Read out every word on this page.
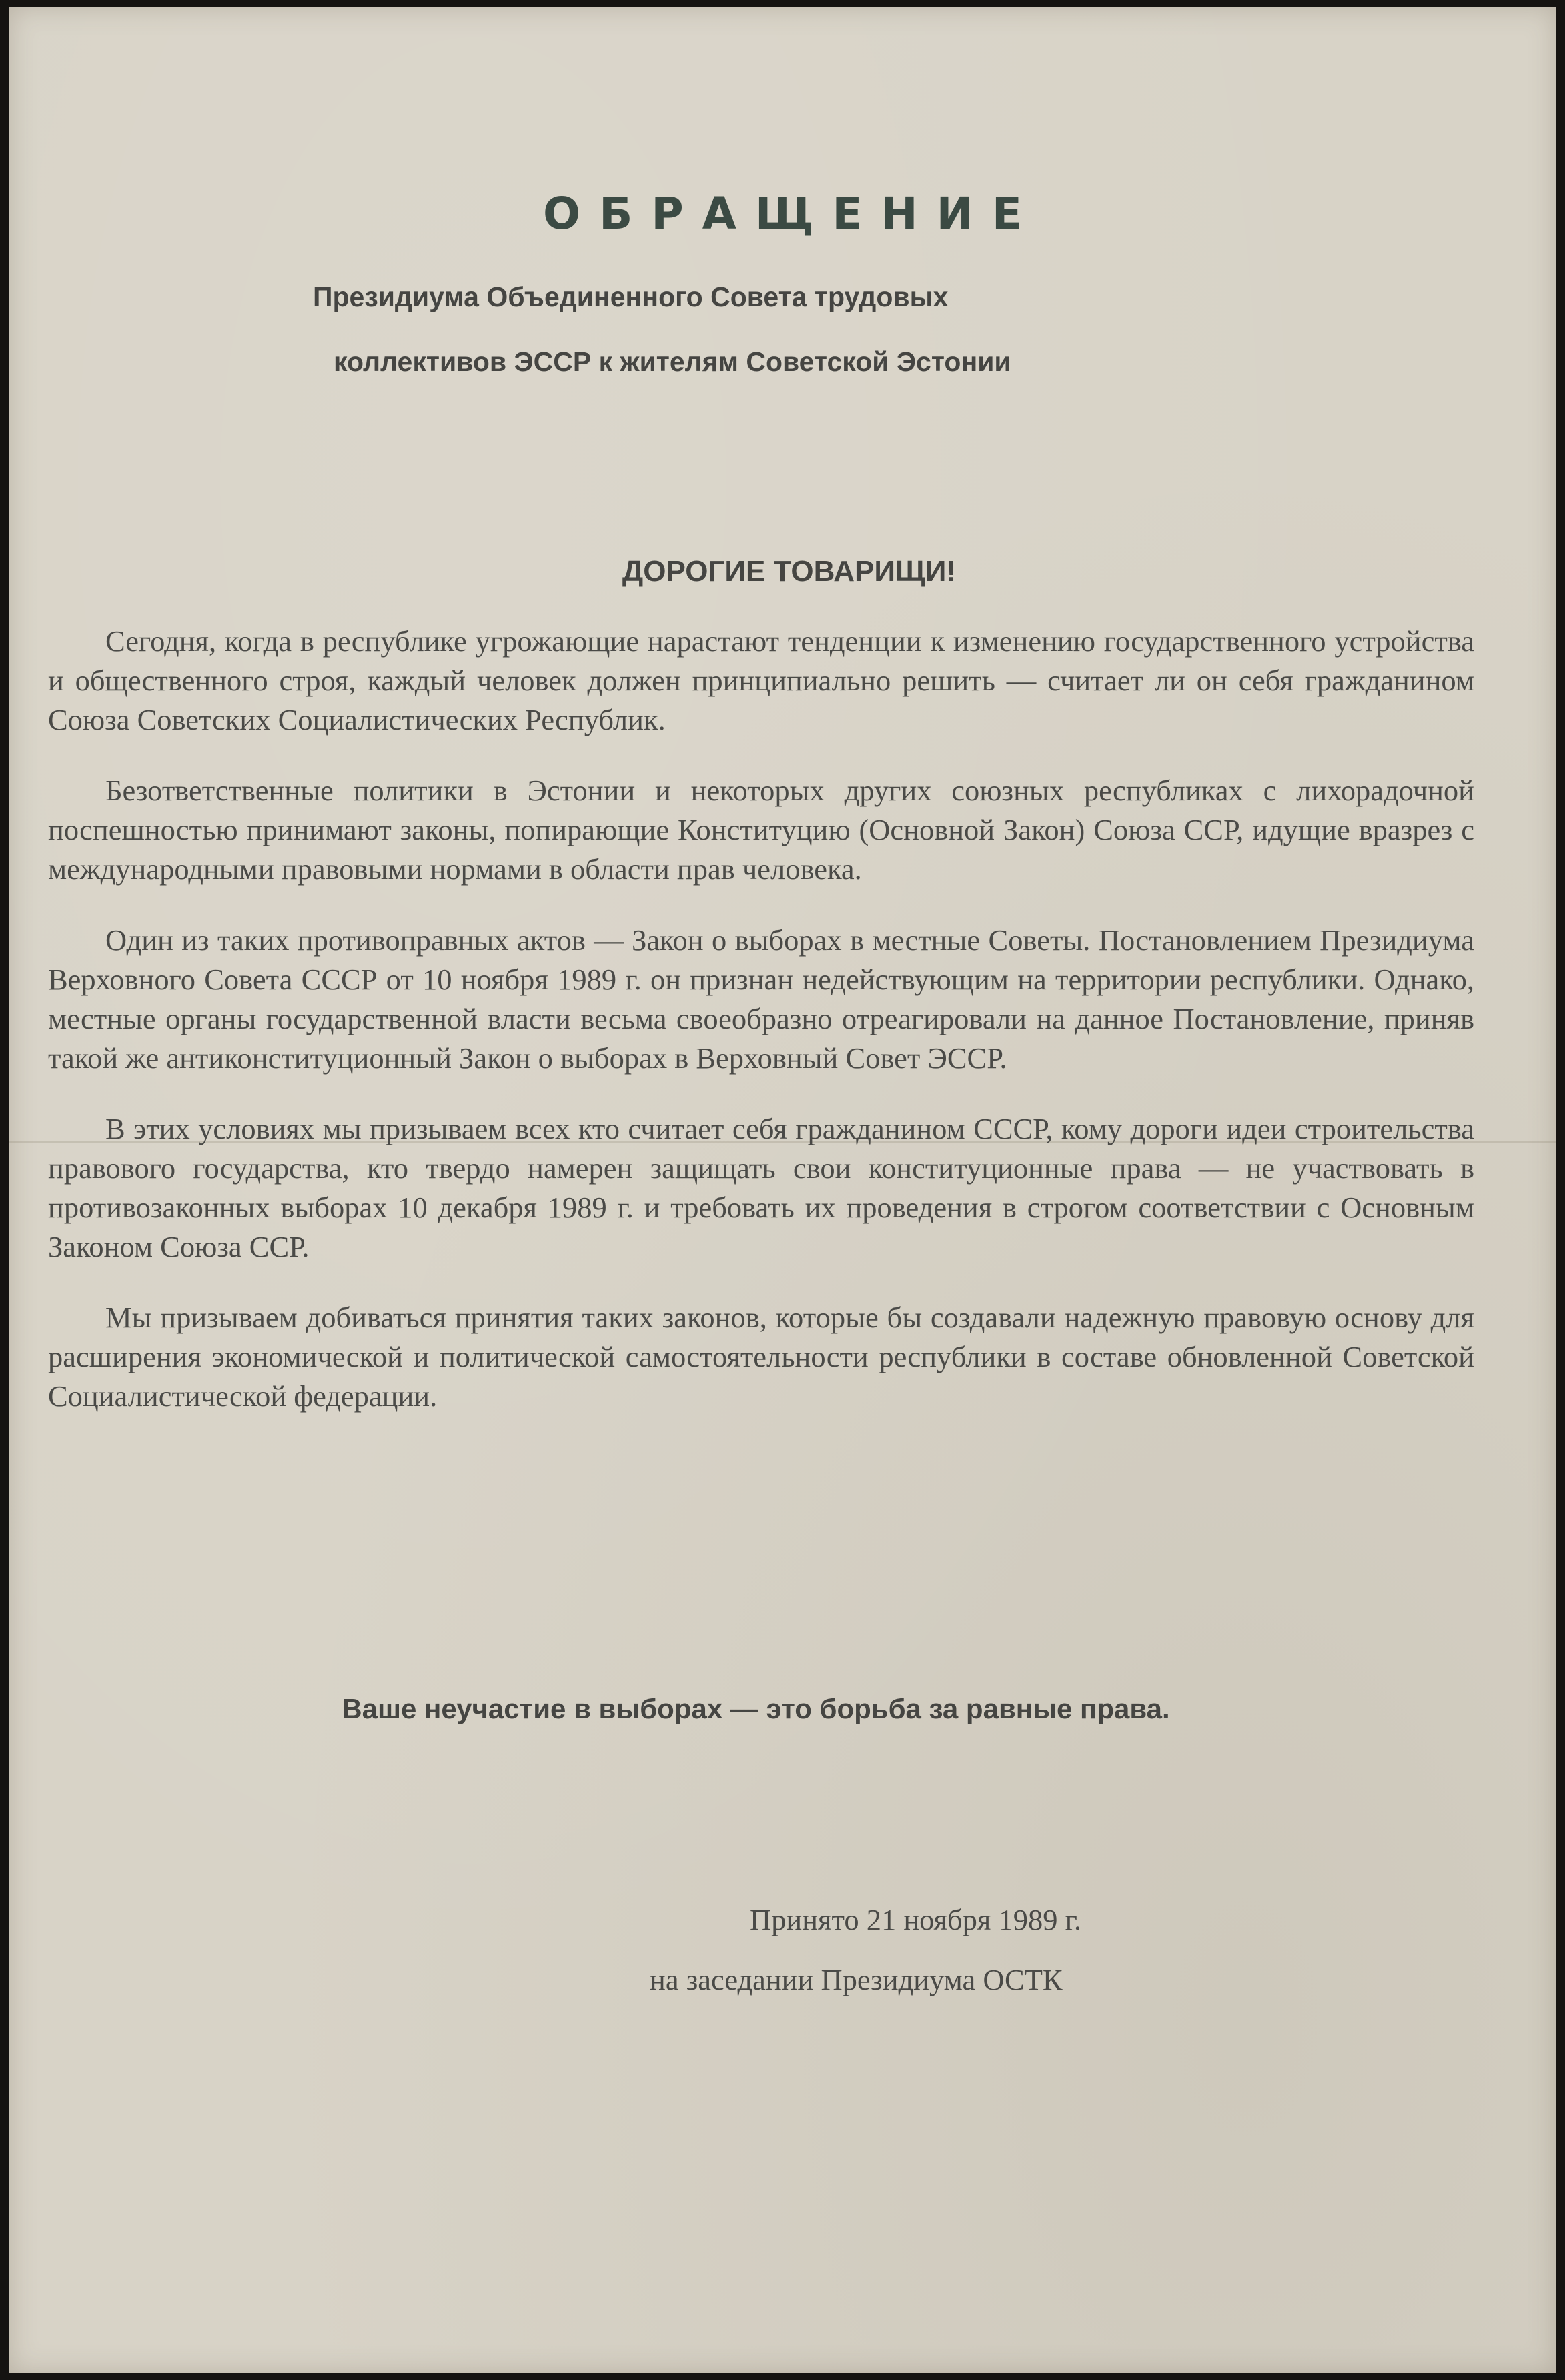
ОБРАЩЕНИЕ
Президиума Объединенного Совета трудовых
коллективов ЭССР к жителям Советской Эстонии
ДОРОГИЕ ТОВАРИЩИ!

Сегодня, когда в республике угрожающие нарастают тенденции к изменению государственного устройства и общественного строя, каждый человек должен принципиально решить — считает ли он себя гражданином Союза Советских Социалистических Республик.

Безответственные политики в Эстонии и некоторых других союзных республиках с лихорадочной поспешностью принимают законы, попирающие Конституцию (Основной Закон) Союза ССР, идущие вразрез с международными правовыми нормами в области прав человека.

Один из таких противоправных актов — Закон о выборах в местные Советы. Постановлением Президиума Верховного Совета СССР от 10 ноября 1989 г. он признан недействующим на территории республики. Однако, местные органы государственной власти весьма своеобразно отреагировали на данное Постановление, приняв такой же антиконституционный Закон о выборах в Верховный Совет ЭССР.

В этих условиях мы призываем всех кто считает себя гражданином СССР, кому дороги идеи строительства правового государства, кто твердо намерен защищать свои конституционные права — не участвовать в противозаконных выборах 10 декабря 1989 г. и требовать их проведения в строгом соответствии с Основным Законом Союза ССР.

Мы призываем добиваться принятия таких законов, которые бы создавали надежную правовую основу для расширения экономической и политической самостоятельности республики в составе обновленной Советской Социалистической федерации.

Ваше неучастие в выборах — это борьба за равные права.
Принято 21 ноября 1989 г.
на заседании Президиума ОСТК
